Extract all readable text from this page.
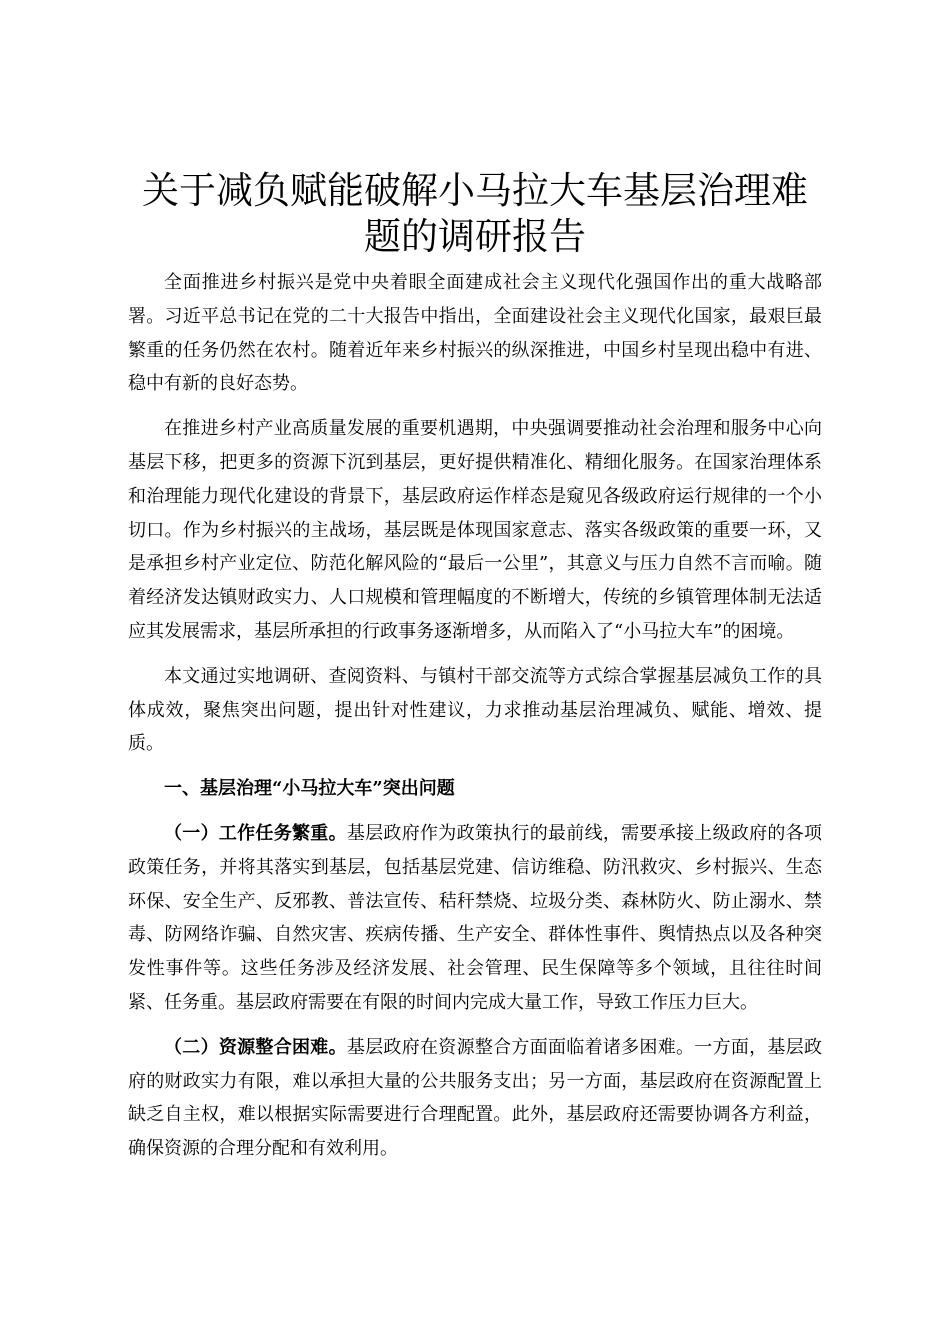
关于减负赋能破解小马拉大车基层治理难题的调研报告

全面推进乡村振兴是党中央着眼全面建成社会主义现代化强国作出的重大战略部署。习近平总书记在党的二十大报告中指出，全面建设社会主义现代化国家，最艰巨最繁重的任务仍然在农村。随着近年来乡村振兴的纵深推进，中国乡村呈现出稳中有进、稳中有新的良好态势。

在推进乡村产业高质量发展的重要机遇期，中央强调要推动社会治理和服务中心向基层下移，把更多的资源下沉到基层，更好提供精准化、精细化服务。在国家治理体系和治理能力现代化建设的背景下，基层政府运作样态是窥见各级政府运行规律的一个小切口。作为乡村振兴的主战场，基层既是体现国家意志、落实各级政策的重要一环，又是承担乡村产业定位、防范化解风险的“最后一公里”，其意义与压力自然不言而喻。随着经济发达镇财政实力、人口规模和管理幅度的不断增大，传统的乡镇管理体制无法适应其发展需求，基层所承担的行政事务逐渐增多，从而陷入了“小马拉大车”的困境。

本文通过实地调研、查阅资料、与镇村干部交流等方式综合掌握基层减负工作的具体成效，聚焦突出问题，提出针对性建议，力求推动基层治理减负、赋能、增效、提质。

一、基层治理“小马拉大车”突出问题

（一）工作任务繁重。基层政府作为政策执行的最前线，需要承接上级政府的各项政策任务，并将其落实到基层，包括基层党建、信访维稳、防汛救灾、乡村振兴、生态环保、安全生产、反邪教、普法宣传、秸秆禁烧、垃圾分类、森林防火、防止溺水、禁毒、防网络诈骗、自然灾害、疾病传播、生产安全、群体性事件、舆情热点以及各种突发性事件等。这些任务涉及经济发展、社会管理、民生保障等多个领域，且往往时间紧、任务重。基层政府需要在有限的时间内完成大量工作，导致工作压力巨大。

（二）资源整合困难。基层政府在资源整合方面面临着诸多困难。一方面，基层政府的财政实力有限，难以承担大量的公共服务支出；另一方面，基层政府在资源配置上缺乏自主权，难以根据实际需要进行合理配置。此外，基层政府还需要协调各方利益，确保资源的合理分配和有效利用。
